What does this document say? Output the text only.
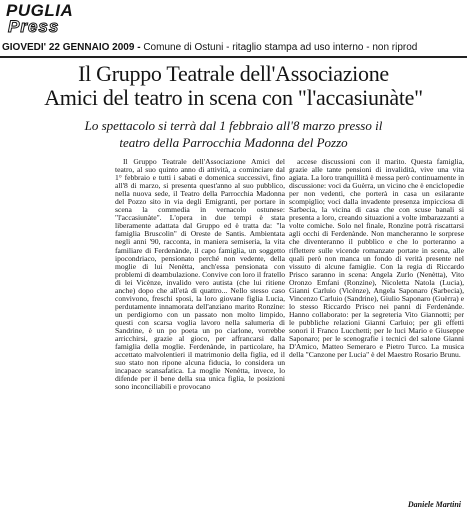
PUGLIA
Press
GIOVEDI' 22 GENNAIO 2009 - Comune di Ostuni - ritaglio stampa ad uso interno - non riprod
Il Gruppo Teatrale dell'Associazione
Amici del teatro in scena con "l'accasiunàte"
Lo spettacolo si terrà dal 1 febbraio all'8 marzo presso il
teatro della Parrocchia Madonna del Pozzo

Il Gruppo Teatrale dell'Associazione Amici del teatro, al suo quinto anno di attività, a cominciare dal 1° febbraio e tutti i sabati e domenica successivi, fino all'8 di marzo, si presenta quest'anno al suo pubblico, nella nuova sede, il Teatro della Parrocchia Madonna del Pozzo sito in via degli Emigranti, per portare in scena la commedia in vernacolo ostunese: "l'accasiunàte". L'opera in due tempi è stata liberamente adattata dal Gruppo ed è tratta da: "la famiglia Bruscolin" di Oreste de Santis. Ambientata negli anni '90, racconta, in maniera semiseria, la vita familiare di Ferdenànde, il capo famiglia, un soggetto ipocondriaco, pensionato perché non vedente, della moglie di lui Nenètta, anch'essa pensionata con problemi di deambulazione. Convive con loro il fratello di lei Vicènze, invalido vero autista (che lui ritiene anche) dopo che all'età di quattro... Nello stesso caso convivono, freschi sposi, la loro giovane figlia Lucia, perdutamente innamorata dell'anziano marito Ronzìne: un perdigiorno con un passato non molto limpido, questi con scarsa voglia lavoro nella salumeria di Sandrine, è un po poeta un po ciarlone, vorrebbe arricchirsi, grazie al gioco, per affrancarsi dalla famiglia della moglie. Ferdenànde, in particolare, ha accettato malvolentieri il matrimonio della figlia, ed il suo stato non ripone alcuna fiducia, lo considera un incapace scansafatica. La moglie Nenètta, invece, lo difende per il bene della sua unica figlia, le posizioni sono inconciliabili e provocano

accese discussioni con il marito. Questa famiglia, grazie alle tante pensioni di invalidità, vive una vita agiata. La loro tranquillità è messa però continuamente in discussione: voci da Guèrra, un vicino che è enciclopedie per non vedenti, che porterà in casa un esilarante scompiglio; voci dalla invadente presenza impicciosa di Sarbecia, la vicina di casa che con scuse banali si presenta a loro, creando situazioni a volte imbarazzanti a volte comiche. Solo nel finale, Ronzìne potrà riscattarsi agli occhi di Ferdenànde. Non mancheranno le sorprese che diventeranno il pubblico e che lo porteranno a riflettere sulle vicende romanzate portate in scena, alle quali però non manca un fondo di verità presente nel vissuto di alcune famiglie. Con la regia di Riccardo Prisco saranno in scena: Angela Zurlo (Nenètta), Vito Oronzo Emfani (Ronzìne), Nicoletta Natola (Lucia), Gianni Carluio (Vicènze), Angela Saponaro (Sarbecia), Vincenzo Carluio (Sandrine), Giulio Saponaro (Guèrra) e lo stesso Riccardo Prisco nei panni di Ferdenànde. Hanno collaborato: per la segreteria Vito Giannotti; per le pubbliche relazioni Gianni Carluio; per gli effetti sonori il Franco Lucchetti; per le luci Mario e Giuseppe Saponaro; per le scenografie i tecnici del salone Gianni D'Amico, Matteo Semeraro e Pietro Turco. La musica della "Canzone per Lucia" è del Maestro Rosario Brunu.

Daniele Martini
